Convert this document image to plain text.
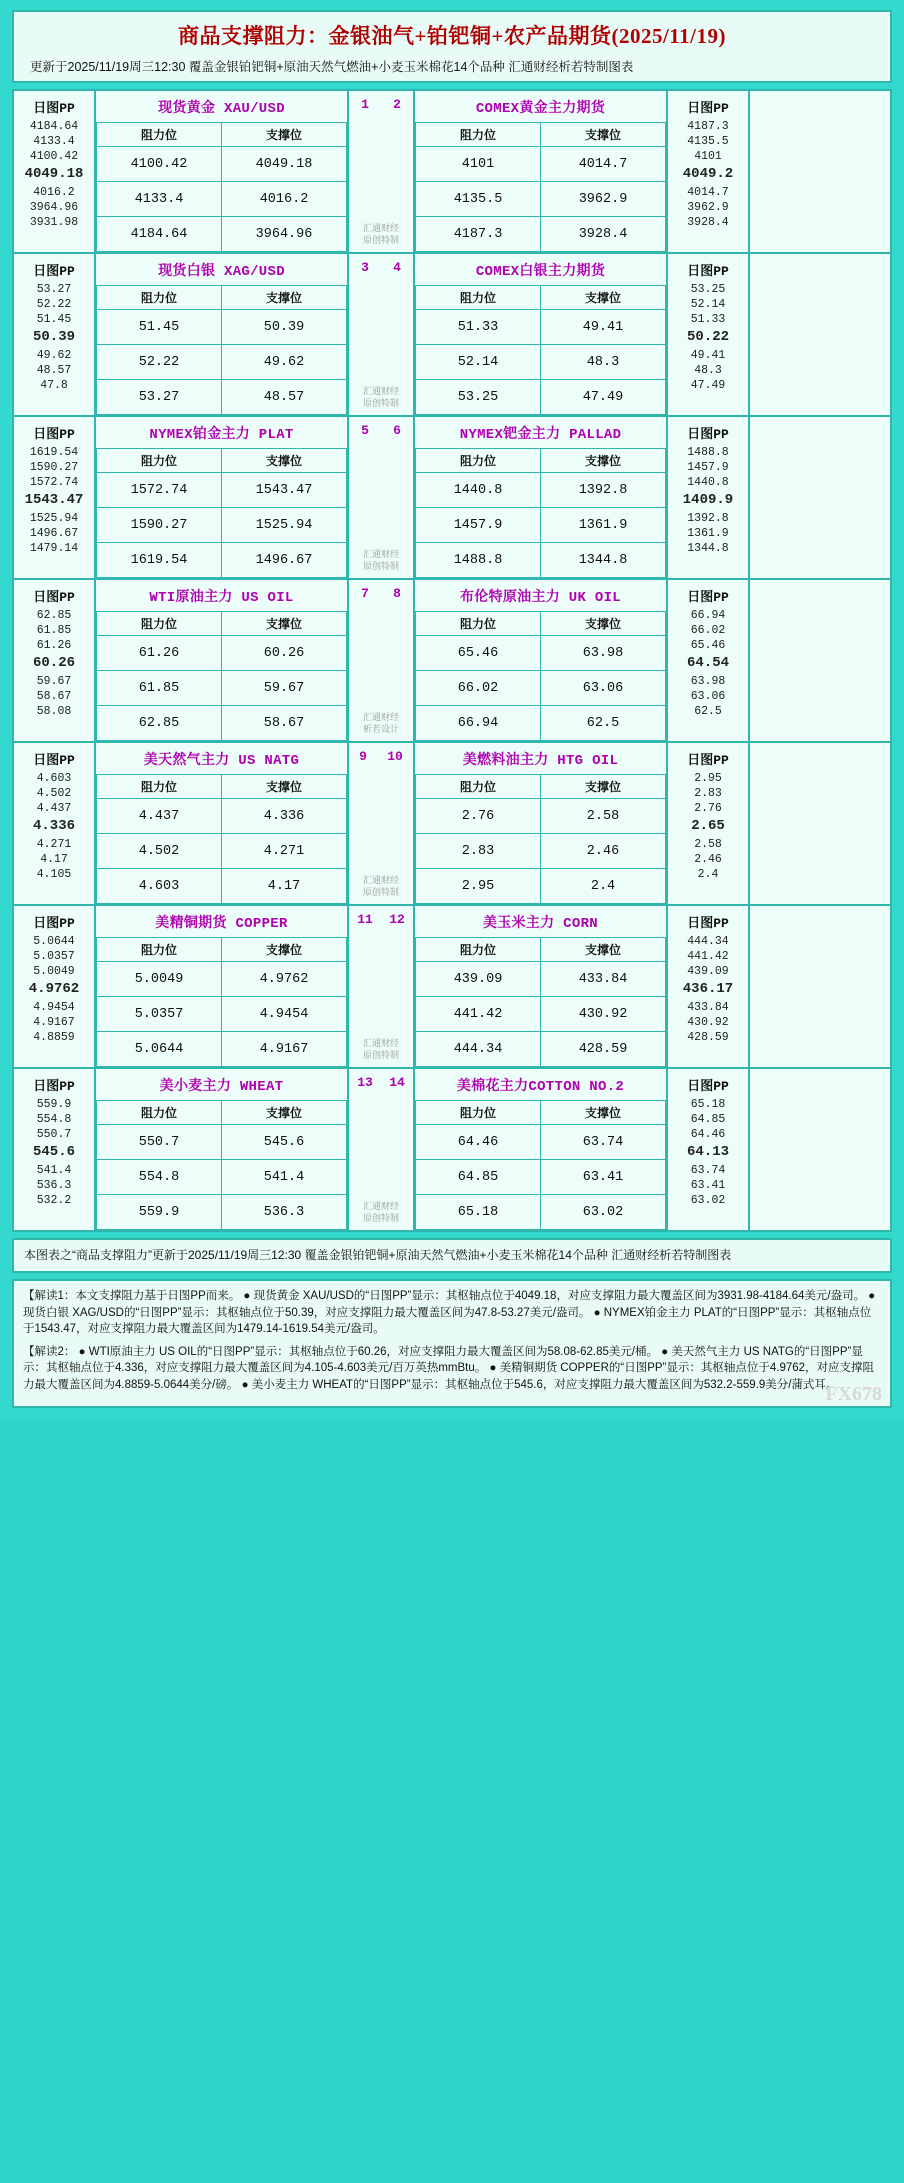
商品支撑阻力：金银油气+铂钯铜+农产品期货(2025/11/19)
更新于2025/11/19周三12:30 覆盖金银铂钯铜+原油天然气燃油+小麦玉米棉花14个品种 汇通财经析若特制图表
日图PP
4184.64
4133.4
4100.42
4049.18
4016.2
3964.96
3931.98
现货黄金 XAU/USD
阻力位	支撑位
4100.42	4049.18
4133.4	4016.2
4184.64	3964.96
1 2
汇通财经
原创特制
COMEX黄金主力期货
阻力位	支撑位
4101	4014.7
4135.5	3962.9
4187.3	3928.4
日图PP
4187.3
4135.5
4101
4049.2
4014.7
3962.9
3928.4
日图PP
53.27
52.22
51.45
50.39
49.62
48.57
47.8
现货白银 XAG/USD
阻力位	支撑位
51.45	50.39
52.22	49.62
53.27	48.57
3 4
汇通财经
原创特制
COMEX白银主力期货
阻力位	支撑位
51.33	49.41
52.14	48.3
53.25	47.49
日图PP
53.25
52.14
51.33
50.22
49.41
48.3
47.49
日图PP
1619.54
1590.27
1572.74
1543.47
1525.94
1496.67
1479.14
NYMEX铂金主力 PLAT
阻力位	支撑位
1572.74	1543.47
1590.27	1525.94
1619.54	1496.67
5 6
汇通财经
原创特制
NYMEX钯金主力 PALLAD
阻力位	支撑位
1440.8	1392.8
1457.9	1361.9
1488.8	1344.8
日图PP
1488.8
1457.9
1440.8
1409.9
1392.8
1361.9
1344.8
日图PP
62.85
61.85
61.26
60.26
59.67
58.67
58.08
WTI原油主力 US OIL
阻力位	支撑位
61.26	60.26
61.85	59.67
62.85	58.67
7 8
汇通财经
析若设计
布伦特原油主力 UK OIL
阻力位	支撑位
65.46	63.98
66.02	63.06
66.94	62.5
日图PP
66.94
66.02
65.46
64.54
63.98
63.06
62.5
日图PP
4.603
4.502
4.437
4.336
4.271
4.17
4.105
美天然气主力 US NATG
阻力位	支撑位
4.437	4.336
4.502	4.271
4.603	4.17
9 10
汇通财经
原创特制
美燃料油主力 HTG OIL
阻力位	支撑位
2.76	2.58
2.83	2.46
2.95	2.4
日图PP
2.95
2.83
2.76
2.65
2.58
2.46
2.4
日图PP
5.0644
5.0357
5.0049
4.9762
4.9454
4.9167
4.8859
美精铜期货 COPPER
阻力位	支撑位
5.0049	4.9762
5.0357	4.9454
5.0644	4.9167
11 12
汇通财经
原创特制
美玉米主力 CORN
阻力位	支撑位
439.09	433.84
441.42	430.92
444.34	428.59
日图PP
444.34
441.42
439.09
436.17
433.84
430.92
428.59
日图PP
559.9
554.8
550.7
545.6
541.4
536.3
532.2
美小麦主力 WHEAT
阻力位	支撑位
550.7	545.6
554.8	541.4
559.9	536.3
13 14
汇通财经
原创特制
美棉花主力COTTON NO.2
阻力位	支撑位
64.46	63.74
64.85	63.41
65.18	63.02
日图PP
65.18
64.85
64.46
64.13
63.74
63.41
63.02
本图表之“商品支撑阻力”更新于2025/11/19周三12:30 覆盖金银铂钯铜+原油天然气燃油+小麦玉米棉花14个品种 汇通财经析若特制图表

【解读1：本文支撑阻力基于日图PP而来。 ● 现货黄金 XAU/USD的“日图PP”显示：其枢轴点位于4049.18，对应支撑阻力最大覆盖区间为3931.98-4184.64美元/盎司。 ● 现货白银 XAG/USD的“日图PP”显示：其枢轴点位于50.39，对应支撑阻力最大覆盖区间为47.8-53.27美元/盎司。 ● NYMEX铂金主力 PLAT的“日图PP”显示：其枢轴点位于1543.47，对应支撑阻力最大覆盖区间为1479.14-1619.54美元/盎司。

【解读2： ● WTI原油主力 US OIL的“日图PP”显示：其枢轴点位于60.26，对应支撑阻力最大覆盖区间为58.08-62.85美元/桶。 ● 美天然气主力 US NATG的“日图PP”显示：其枢轴点位于4.336，对应支撑阻力最大覆盖区间为4.105-4.603美元/百万英热mmBtu。 ● 美精铜期货 COPPER的“日图PP”显示：其枢轴点位于4.9762，对应支撑阻力最大覆盖区间为4.8859-5.0644美分/磅。 ● 美小麦主力 WHEAT的“日图PP”显示：其枢轴点位于545.6，对应支撑阻力最大覆盖区间为532.2-559.9美分/蒲式耳。

FX678
